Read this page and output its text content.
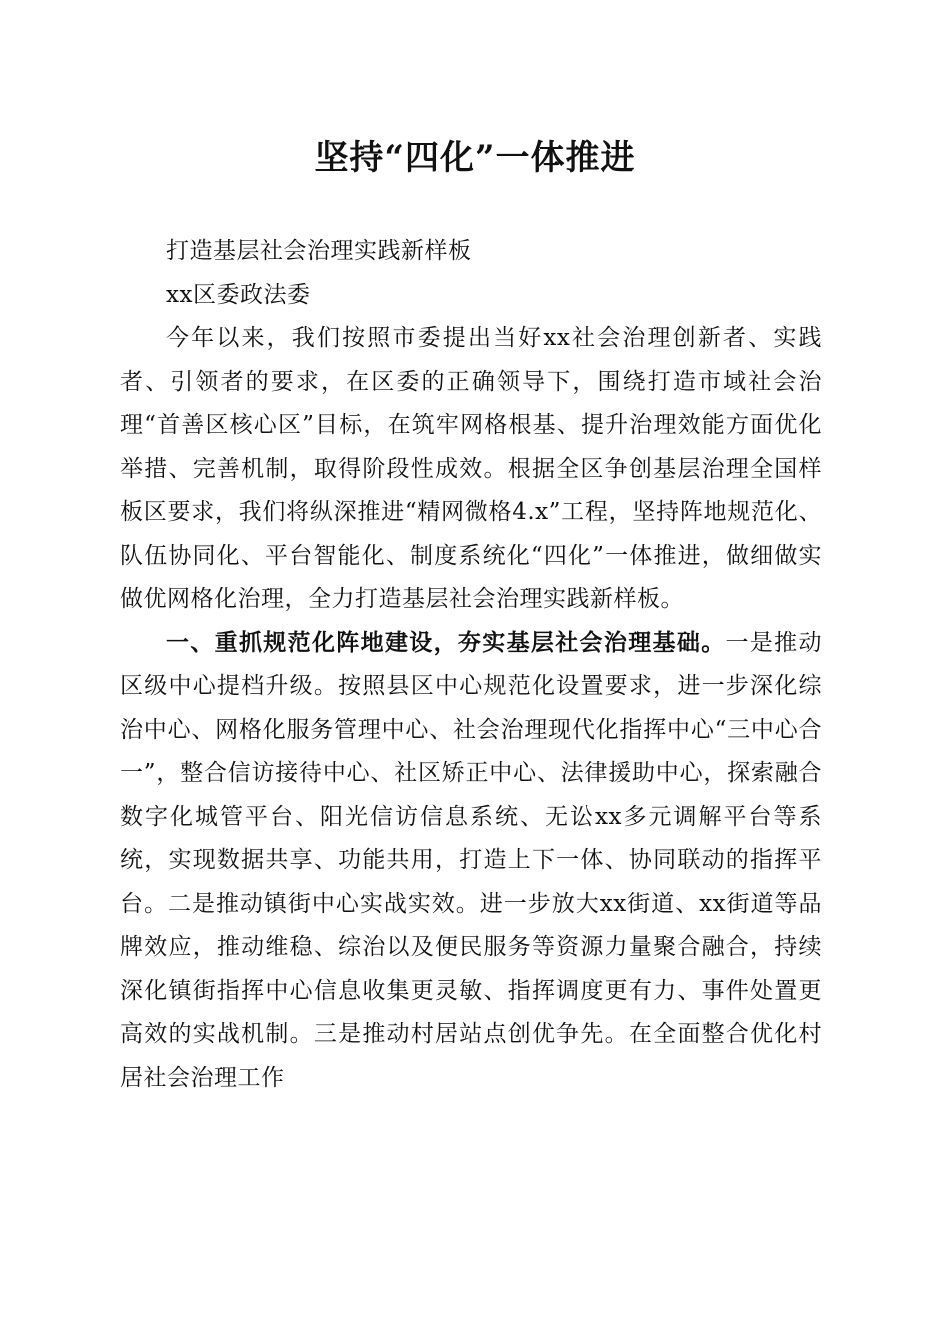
坚持“四化”一体推进

打造基层社会治理实践新样板

xx区委政法委

今年以来，我们按照市委提出当好xx社会治理创新者、实践者、引领者的要求，在区委的正确领导下，围绕打造市域社会治理“首善区核心区”目标，在筑牢网格根基、提升治理效能方面优化举措、完善机制，取得阶段性成效。根据全区争创基层治理全国样板区要求，我们将纵深推进“精网微格4.x”工程，坚持阵地规范化、队伍协同化、平台智能化、制度系统化“四化”一体推进，做细做实做优网格化治理，全力打造基层社会治理实践新样板。

一、重抓规范化阵地建设，夯实基层社会治理基础。一是推动区级中心提档升级。按照县区中心规范化设置要求，进一步深化综治中心、网格化服务管理中心、社会治理现代化指挥中心“三中心合一”，整合信访接待中心、社区矫正中心、法律援助中心，探索融合数字化城管平台、阳光信访信息系统、无讼xx多元调解平台等系统，实现数据共享、功能共用，打造上下一体、协同联动的指挥平台。二是推动镇街中心实战实效。进一步放大xx街道、xx街道等品牌效应，推动维稳、综治以及便民服务等资源力量聚合融合，持续深化镇街指挥中心信息收集更灵敏、指挥调度更有力、事件处置更高效的实战机制。三是推动村居站点创优争先。在全面整合优化村居社会治理工作
